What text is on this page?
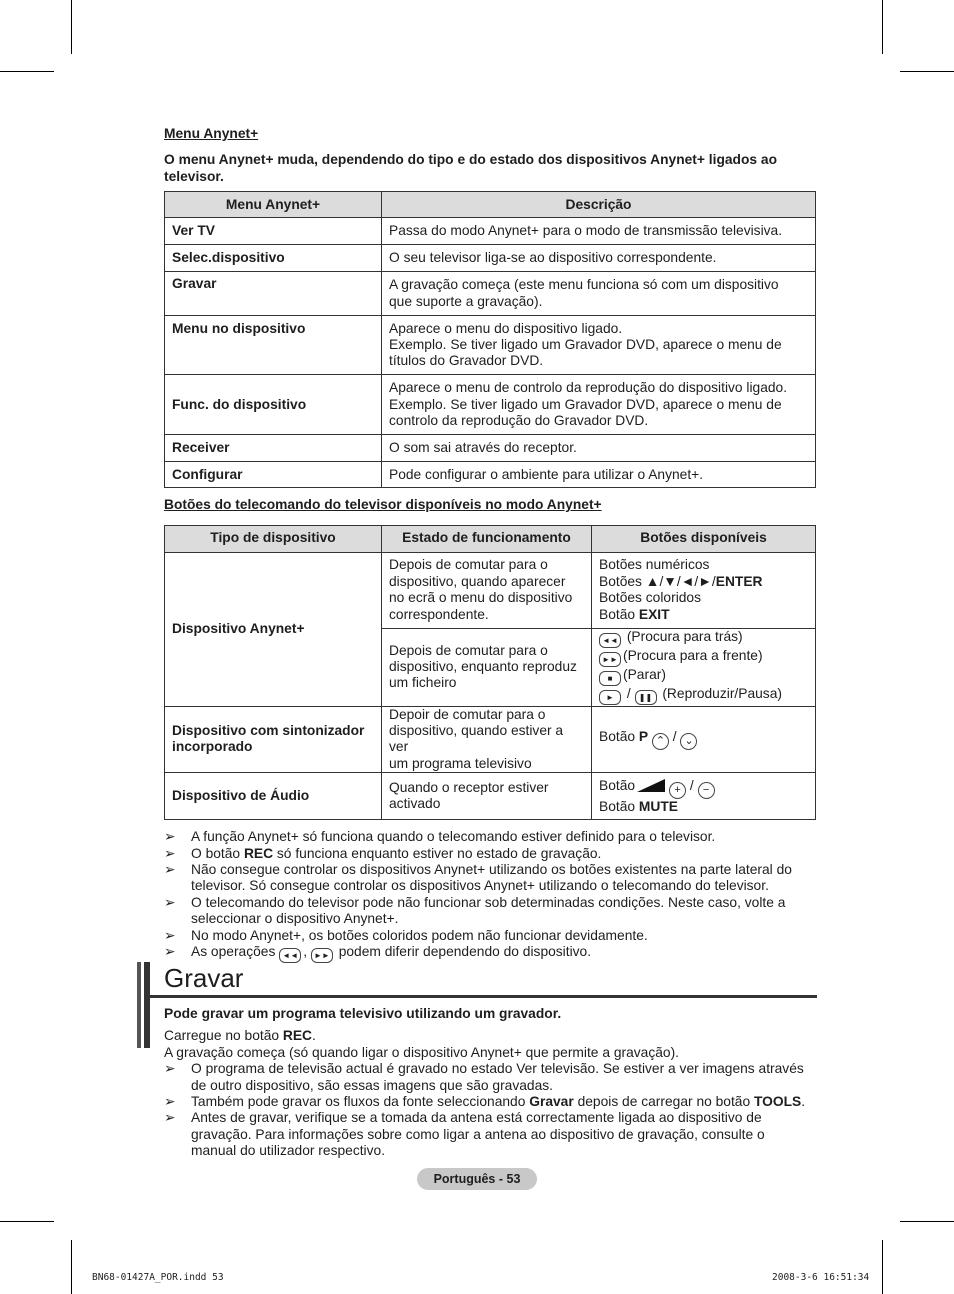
Menu Anynet+
O menu Anynet+ muda, dependendo do tipo e do estado dos dispositivos Anynet+ ligados ao televisor.
Menu Anynet+	Descrição
Ver TV	Passa do modo Anynet+ para o modo de transmissão televisiva.
Selec.dispositivo	O seu televisor liga-se ao dispositivo correspondente.
Gravar	A gravação começa (este menu funciona só com um dispositivo
que suporte a gravação).

Menu no dispositivo	Aparece o menu do dispositivo ligado.
Exemplo. Se tiver ligado um Gravador DVD, aparece o menu de
títulos do Gravador DVD.

Func. do dispositivo	Aparece o menu de controlo da reprodução do dispositivo ligado.
Exemplo. Se tiver ligado um Gravador DVD, aparece o menu de
controlo da reprodução do Gravador DVD.

Receiver	O som sai através do receptor.
Configurar	Pode configurar o ambiente para utilizar o Anynet+.
Botões do telecomando do televisor disponíveis no modo Anynet+
Tipo de dispositivo	Estado de funcionamento	Botões disponíveis
Dispositivo Anynet+	Depois de comutar para o
dispositivo, quando aparecer
no ecrã o menu do dispositivo
correspondente.	Botões numéricos
Botões ▲/▼/◄/►/ENTER
Botões coloridos
Botão EXIT

	Depois de comutar para o
dispositivo, enquanto reproduz
um ficheiro	◄◄ (Procura para trás)
►► (Procura para a frente)
■ (Parar)
► / ❚❚ (Reproduzir/Pausa)

Dispositivo com sintonizador
incorporado	Depoir de comutar para o
dispositivo, quando estiver a ver
um programa televisivo	Botão P ⌃ / ⌄
Dispositivo de Áudio	Quando o receptor estiver
activado	Botão + / −
Botão MUTE
➢ A função Anynet+ só funciona quando o telecomando estiver definido para o televisor.
➢ O botão REC só funciona enquanto estiver no estado de gravação.
➢ Não consegue controlar os dispositivos Anynet+ utilizando os botões existentes na parte lateral do
televisor. Só consegue controlar os dispositivos Anynet+ utilizando o telecomando do televisor.
➢ O telecomando do televisor pode não funcionar sob determinadas condições. Neste caso, volte a
seleccionar o dispositivo Anynet+.
➢ No modo Anynet+, os botões coloridos podem não funcionar devidamente.
➢ As operações ◄◄ , ►► podem diferir dependendo do dispositivo.
Gravar
Pode gravar um programa televisivo utilizando um gravador.
Carregue no botão REC.
A gravação começa (só quando ligar o dispositivo Anynet+ que permite a gravação).
➢ O programa de televisão actual é gravado no estado Ver televisão. Se estiver a ver imagens através
de outro dispositivo, são essas imagens que são gravadas.
➢ Também pode gravar os fluxos da fonte seleccionando Gravar depois de carregar no botão TOOLS.
➢ Antes de gravar, verifique se a tomada da antena está correctamente ligada ao dispositivo de
gravação. Para informações sobre como ligar a antena ao dispositivo de gravação, consulte o
manual do utilizador respectivo.
Português - 53
BN68-01427A_POR.indd 53	2008-3-6 16:51:34
